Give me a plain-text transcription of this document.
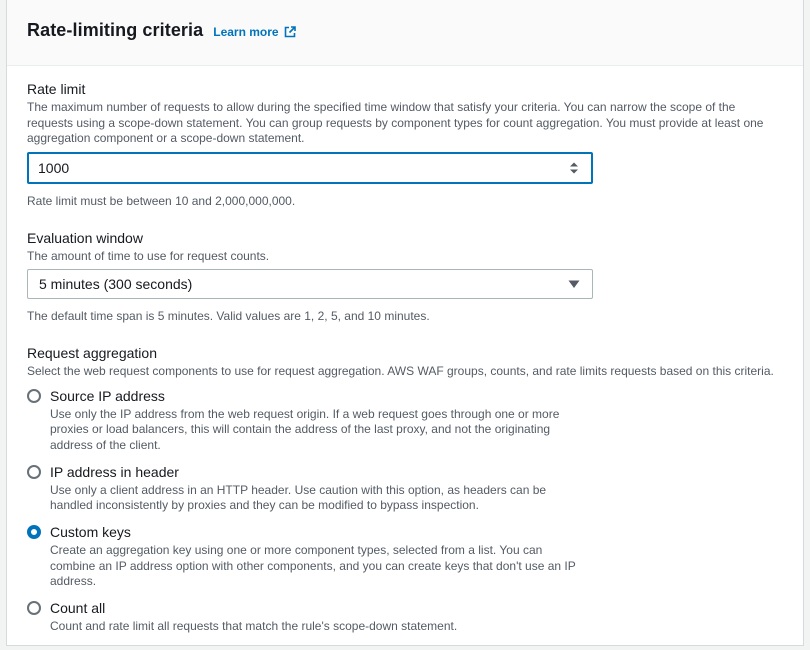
Rate-limiting criteria Learn more
Rate limit
The maximum number of requests to allow during the specified time window that satisfy your criteria. You can narrow the scope of the requests using a scope-down statement. You can group requests by component types for count aggregation. You must provide at least one aggregation component or a scope-down statement.
1000
Rate limit must be between 10 and 2,000,000,000.
Evaluation window
The amount of time to use for request counts.
5 minutes (300 seconds)
The default time span is 5 minutes. Valid values are 1, 2, 5, and 10 minutes.
Request aggregation
Select the web request components to use for request aggregation. AWS WAF groups, counts, and rate limits requests based on this criteria.
Source IP address
Use only the IP address from the web request origin. If a web request goes through one or more proxies or load balancers, this will contain the address of the last proxy, and not the originating address of the client.
IP address in header
Use only a client address in an HTTP header. Use caution with this option, as headers can be handled inconsistently by proxies and they can be modified to bypass inspection.
Custom keys
Create an aggregation key using one or more component types, selected from a list. You can combine an IP address option with other components, and you can create keys that don't use an IP address.
Count all
Count and rate limit all requests that match the rule's scope-down statement.
